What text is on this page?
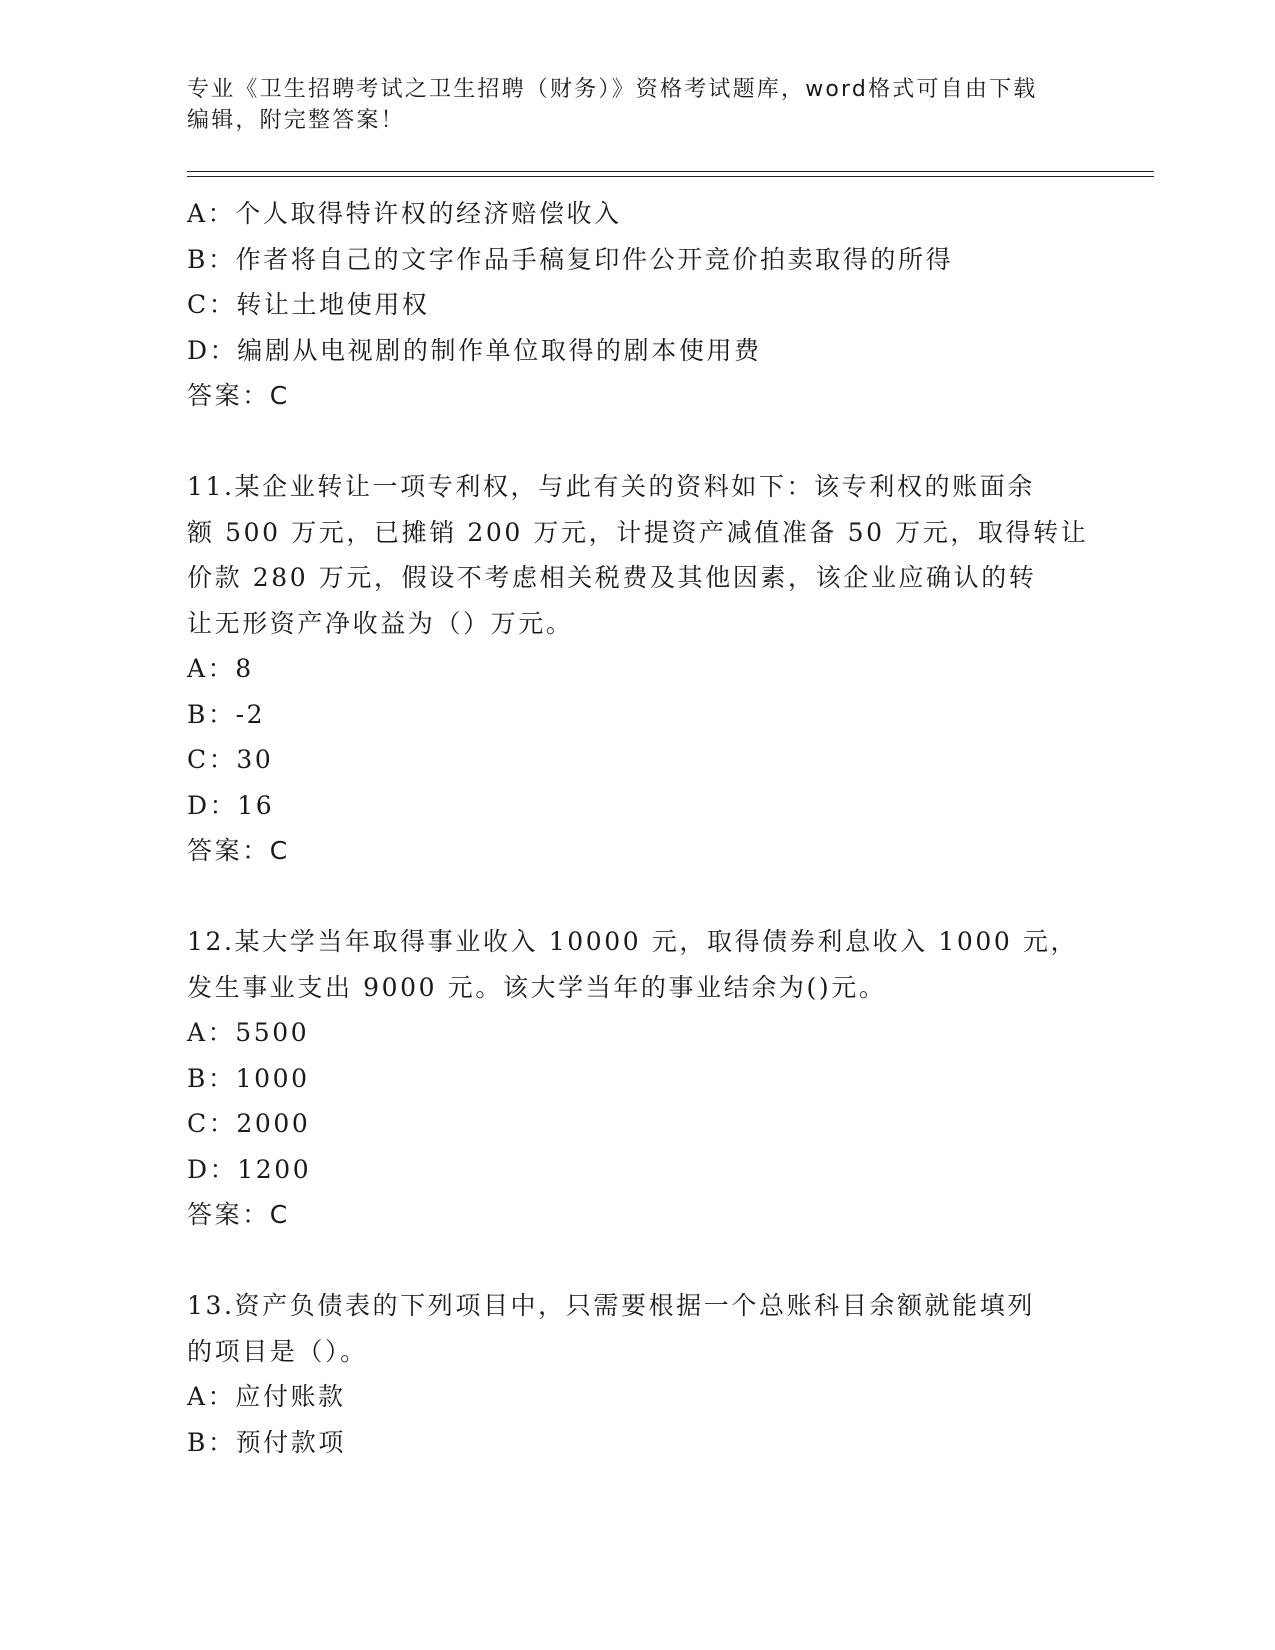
专业《卫生招聘考试之卫生招聘（财务）》资格考试题库，word格式可自由下载
编辑，附完整答案！
A：个人取得特许权的经济赔偿收入
B：作者将自己的文字作品手稿复印件公开竞价拍卖取得的所得
C：转让土地使用权
D：编剧从电视剧的制作单位取得的剧本使用费
答案：C
11.某企业转让一项专利权，与此有关的资料如下：该专利权的账面余
额 500 万元，已摊销 200 万元，计提资产减值准备 50 万元，取得转让
价款 280 万元，假设不考虑相关税费及其他因素，该企业应确认的转
让无形资产净收益为（）万元。
A：8
B：-2
C：30
D：16
答案：C
12.某大学当年取得事业收入 10000 元，取得债券利息收入 1000 元，
发生事业支出 9000 元。该大学当年的事业结余为()元。
A：5500
B：1000
C：2000
D：1200
答案：C
13.资产负债表的下列项目中，只需要根据一个总账科目余额就能填列
的项目是（）。
A：应付账款
B：预付款项
